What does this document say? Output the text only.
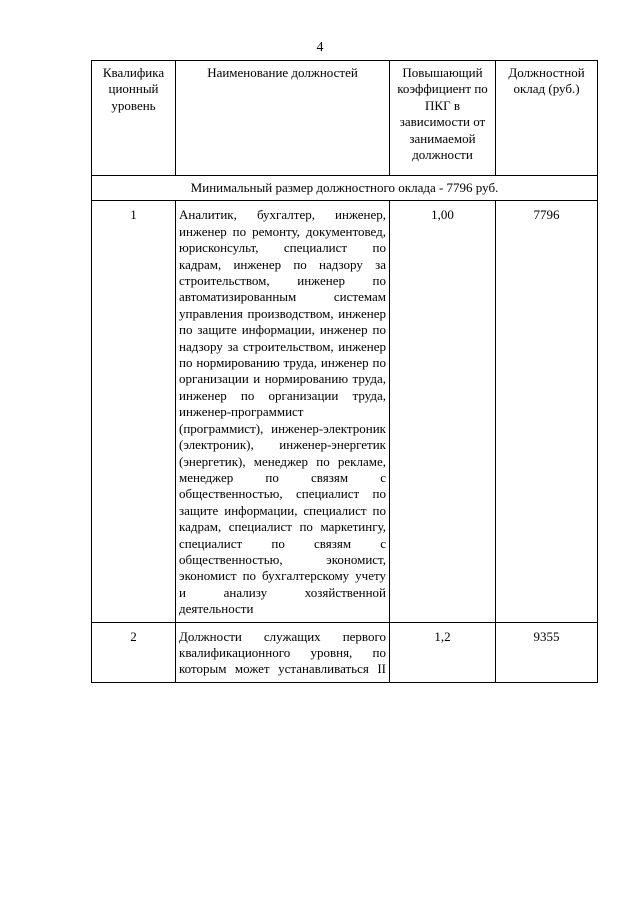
4
Квалифика ционный уровень	Наименование должностей	Повышающий коэффициент по ПКГ в зависимости от занимаемой должности	Должностной оклад (руб.)
Минимальный размер должностного оклада - 7796 руб.			
1	Аналитик, бухгалтер, инженер, инженер по ремонту, документовед, юрисконсульт, специалист по кадрам, инженер по надзору за строительством, инженер по автоматизированным системам управления производством, инженер по защите информации, инженер по надзору за строительством, инженер по нормированию труда, инженер по организации и нормированию труда, инженер по организации труда, инженер-программист (программист), инженер-электроник (электроник), инженер-энергетик (энергетик), менеджер по рекламе, менеджер по связям с общественностью, специалист по защите информации, специалист по кадрам, специалист по маркетингу, специалист по связям с общественностью, экономист, экономист по бухгалтерскому учету и анализу хозяйственной деятельности	1,00	7796
2	Должности служащих первого квалификационного уровня, по которым может устанавливаться II	1,2	9355
